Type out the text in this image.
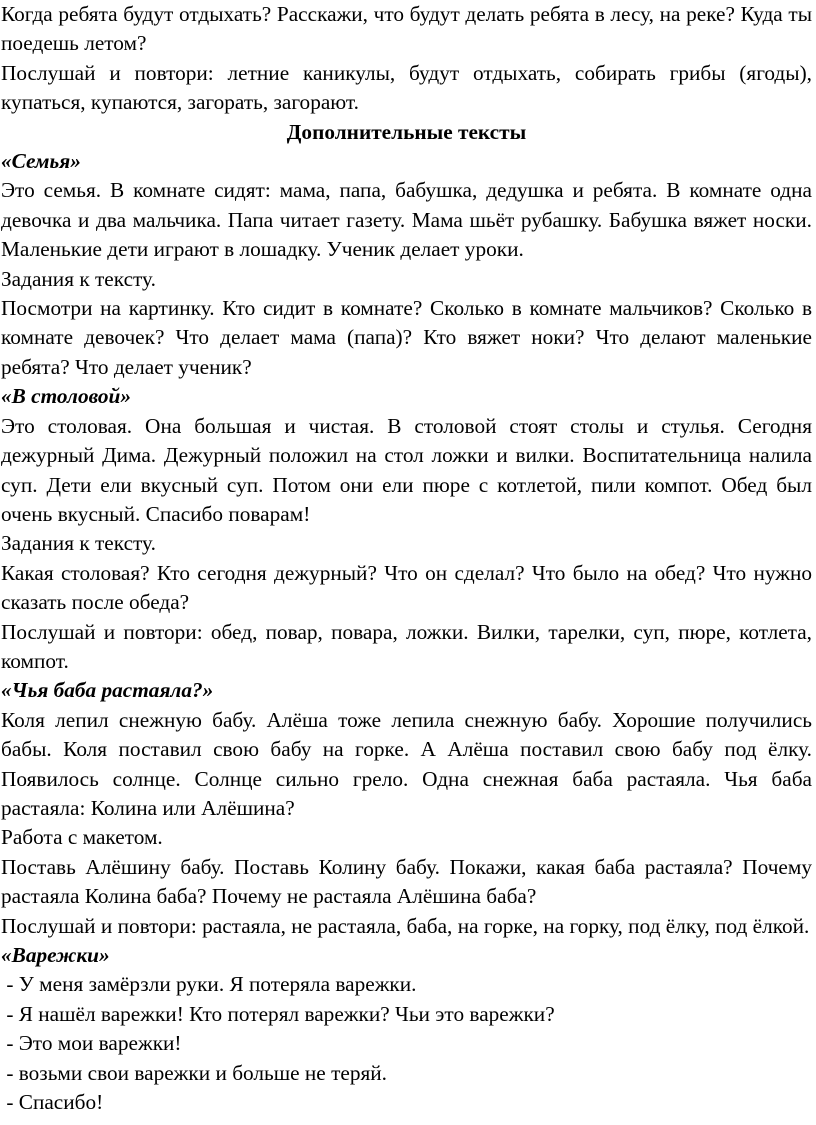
Когда ребята будут отдыхать? Расскажи, что будут делать ребята в лесу, на реке? Куда ты поедешь летом?

Послушай и повтори: летние каникулы, будут отдыхать, собирать грибы (ягоды), купаться, купаются, загорать, загорают.

Дополнительные тексты

«Семья»

Это семья. В комнате сидят: мама, папа, бабушка, дедушка и ребята. В комнате одна девочка и два мальчика. Папа читает газету. Мама шьёт рубашку. Бабушка вяжет носки. Маленькие дети играют в лошадку. Ученик делает уроки.

Задания к тексту.

Посмотри на картинку. Кто сидит в комнате? Сколько в комнате мальчиков? Сколько в комнате девочек? Что делает мама (папа)? Кто вяжет ноки? Что делают маленькие ребята? Что делает ученик?

«В столовой»

Это столовая. Она большая и чистая. В столовой стоят столы и стулья. Сегодня дежурный Дима. Дежурный положил на стол ложки и вилки. Воспитательница налила суп. Дети ели вкусный суп. Потом они ели пюре с котлетой, пили компот. Обед был очень вкусный. Спасибо поварам!

Задания к тексту.

Какая столовая? Кто сегодня дежурный? Что он сделал? Что было на обед? Что нужно сказать после обеда?

Послушай и повтори: обед, повар, повара, ложки. Вилки, тарелки, суп, пюре, котлета, компот.

«Чья баба растаяла?»

Коля лепил снежную бабу. Алёша тоже лепила снежную бабу. Хорошие получились бабы. Коля поставил свою бабу на горке. А Алёша поставил свою бабу под ёлку. Появилось солнце. Солнце сильно грело. Одна снежная баба растаяла. Чья баба растаяла: Колина или Алёшина?

Работа с макетом.

Поставь Алёшину бабу. Поставь Колину бабу. Покажи, какая баба растаяла? Почему растаяла Колина баба? Почему не растаяла Алёшина баба?

Послушай и повтори: растаяла, не растаяла, баба, на горке, на горку, под ёлку, под ёлкой.

«Варежки»

- У меня замёрзли руки. Я потеряла варежки.

- Я нашёл варежки! Кто потерял варежки? Чьи это варежки?

- Это мои варежки!

- возьми свои варежки и больше не теряй.

- Спасибо!
